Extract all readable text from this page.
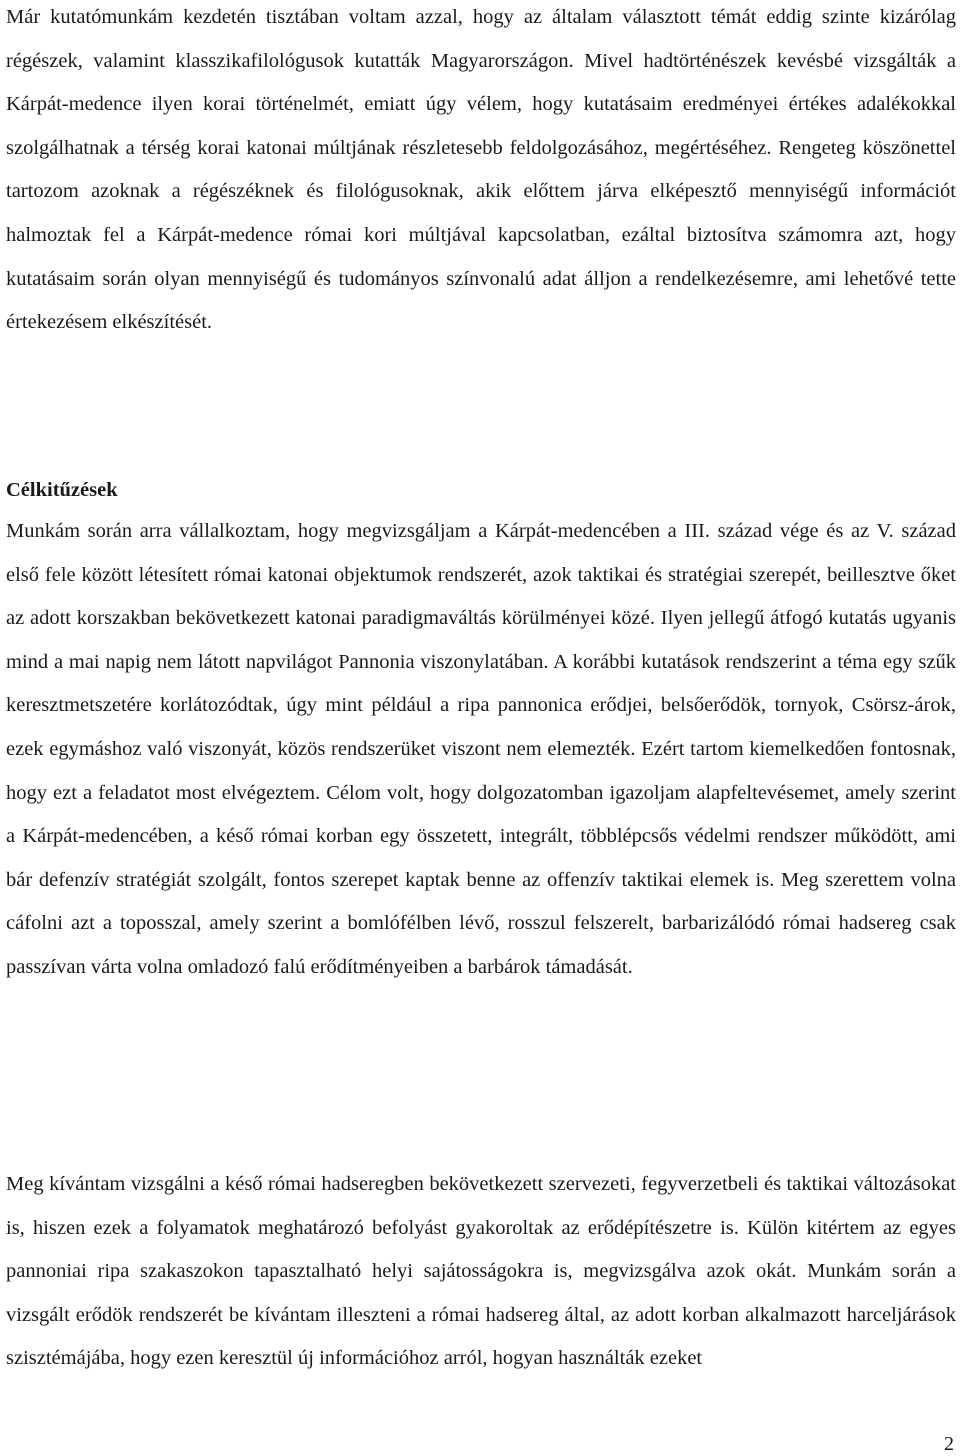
Már kutatómunkám kezdetén tisztában voltam azzal, hogy az általam választott témát eddig szinte kizárólag régészek, valamint klasszikafilológusok kutatták Magyarországon. Mivel hadtörténészek kevésbé vizsgálták a Kárpát-medence ilyen korai történelmét, emiatt úgy vélem, hogy kutatásaim eredményei értékes adalékokkal szolgálhatnak a térség korai katonai múltjának részletesebb feldolgozásához, megértéséhez. Rengeteg köszönettel tartozom azoknak a régészéknek és filológusoknak, akik előttem járva elképesztő mennyiségű információt halmoztak fel a Kárpát-medence római kori múltjával kapcsolatban, ezáltal biztosítva számomra azt, hogy kutatásaim során olyan mennyiségű és tudományos színvonalú adat álljon a rendelkezésemre, ami lehetővé tette értekezésem elkészítését.

Célkitűzések

Munkám során arra vállalkoztam, hogy megvizsgáljam a Kárpát-medencében a III. század vége és az V. század első fele között létesített római katonai objektumok rendszerét, azok taktikai és stratégiai szerepét, beillesztve őket az adott korszakban bekövetkezett katonai paradigmaváltás körülményei közé. Ilyen jellegű átfogó kutatás ugyanis mind a mai napig nem látott napvilágot Pannonia viszonylatában. A korábbi kutatások rendszerint a téma egy szűk keresztmetszetére korlátozódtak, úgy mint például a ripa pannonica erődjei, belsőerődök, tornyok, Csörsz-árok, ezek egymáshoz való viszonyát, közös rendszerüket viszont nem elemezték. Ezért tartom kiemelkedően fontosnak, hogy ezt a feladatot most elvégeztem. Célom volt, hogy dolgozatomban igazoljam alapfeltevésemet, amely szerint a Kárpát-medencében, a késő római korban egy összetett, integrált, többlépcsős védelmi rendszer működött, ami bár defenzív stratégiát szolgált, fontos szerepet kaptak benne az offenzív taktikai elemek is. Meg szerettem volna cáfolni azt a toposszal, amely szerint a bomlófélben lévő, rosszul felszerelt, barbarizálódó római hadsereg csak passzívan várta volna omladozó falú erődítményeiben a barbárok támadását.

Meg kívántam vizsgálni a késő római hadseregben bekövetkezett szervezeti, fegyverzetbeli és taktikai változásokat is, hiszen ezek a folyamatok meghatározó befolyást gyakoroltak az erődépítészetre is. Külön kitértem az egyes pannoniai ripa szakaszokon tapasztalható helyi sajátosságokra is, megvizsgálva azok okát. Munkám során a vizsgált erődök rendszerét be kívántam illeszteni a római hadsereg által, az adott korban alkalmazott harceljárások szisztémájába, hogy ezen keresztül új információhoz arról, hogyan használták ezeket

2
